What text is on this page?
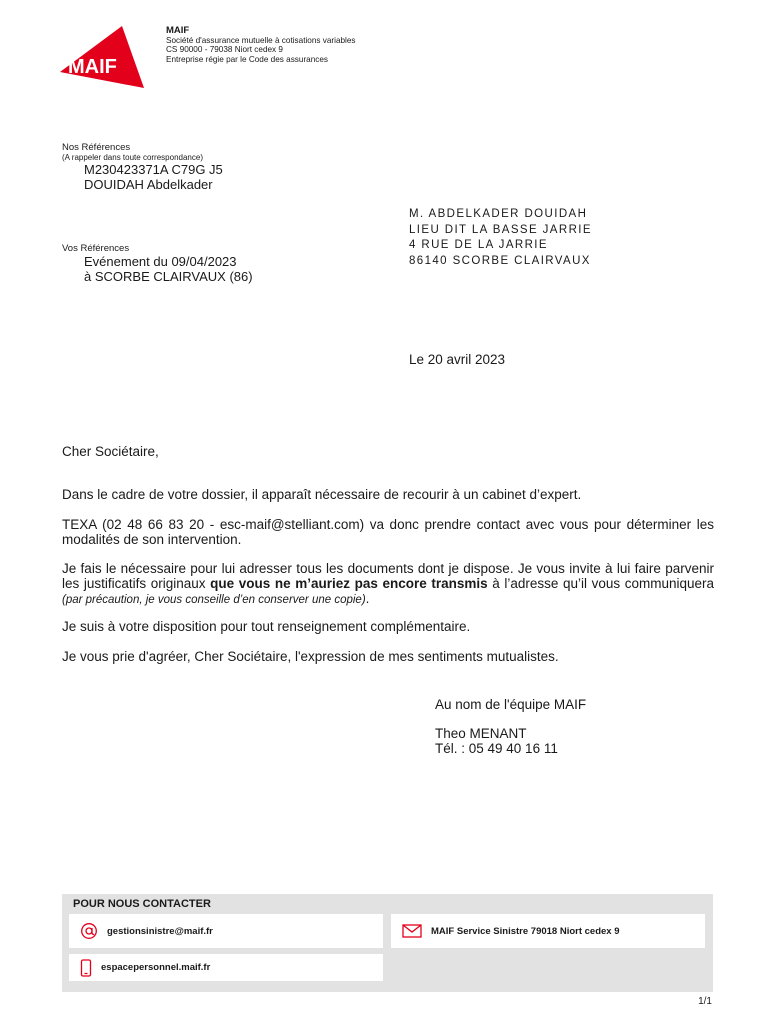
MAIF
MAIF
Société d'assurance mutuelle à cotisations variables
CS 90000 - 79038 Niort cedex 9
Entreprise régie par le Code des assurances
Nos Références
(A rappeler dans toute correspondance)
M230423371A C79G J5
DOUIDAH Abdelkader
Vos Références
Evénement du 09/04/2023
à SCORBE CLAIRVAUX (86)
M. ABDELKADER DOUIDAH
LIEU DIT LA BASSE JARRIE
4 RUE DE LA JARRIE
86140 SCORBE CLAIRVAUX
Le 20 avril 2023
Cher Sociétaire,
Dans le cadre de votre dossier, il apparaît nécessaire de recourir à un cabinet d’expert.
TEXA (02 48 66 83 20 - esc-maif@stelliant.com) va donc prendre contact avec vous pour déterminer les modalités de son intervention.
Je fais le nécessaire pour lui adresser tous les documents dont je dispose. Je vous invite à lui faire parvenir les justificatifs originaux que vous ne m’auriez pas encore transmis à l’adresse qu’il vous communiquera (par précaution, je vous conseille d’en conserver une copie).
Je suis à votre disposition pour tout renseignement complémentaire.
Je vous prie d'agréer, Cher Sociétaire, l'expression de mes sentiments mutualistes.
Au nom de l'équipe MAIF
Theo MENANT
Tél. : 05 49 40 16 11
POUR NOUS CONTACTER
gestionsinistre@maif.fr	MAIF Service Sinistre 79018 Niort cedex 9
espacepersonnel.maif.fr
1/1
